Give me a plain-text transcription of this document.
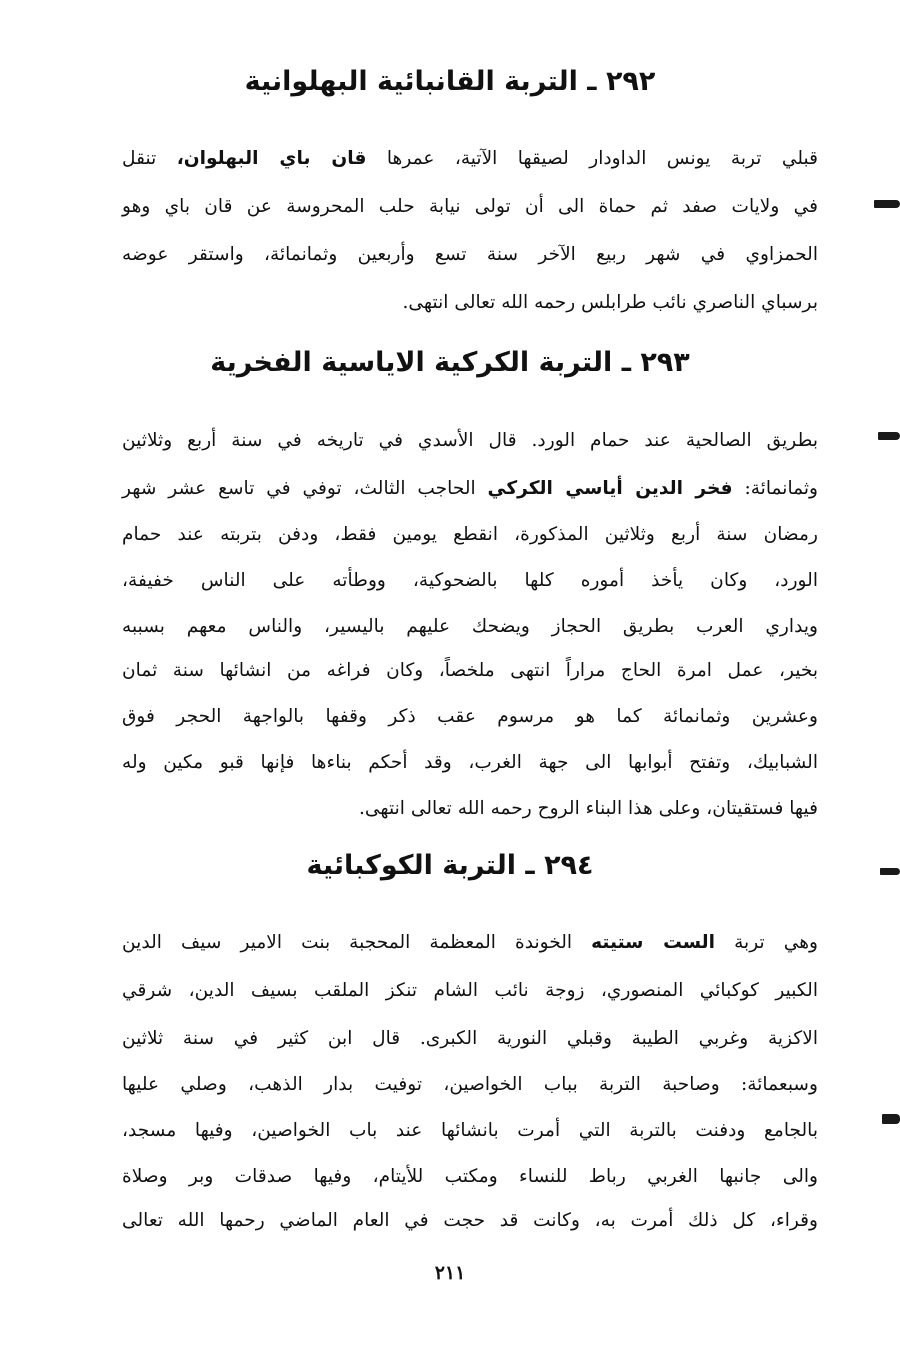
٢٩٢ ـ التربة القانبائية البهلوانية
قبلي تربة يونس الداودار لصيقها الآتية، عمرها قان باي البهلوان، تنقل
في ولايات صفد ثم حماة الى أن تولى نيابة حلب المحروسة عن قان باي وهو
الحمزاوي في شهر ربيع الآخر سنة تسع وأربعين وثمانمائة، واستقر عوضه
برسباي الناصري نائب طرابلس رحمه الله تعالى انتهى.
٢٩٣ ـ التربة الكركية الاياسية الفخرية
بطريق الصالحية عند حمام الورد. قال الأسدي في تاريخه في سنة أربع وثلاثين
وثمانمائة: فخر الدين أياسي الكركي الحاجب الثالث، توفي في تاسع عشر شهر
رمضان سنة أربع وثلاثين المذكورة، انقطع يومين فقط، ودفن بتربته عند حمام
الورد، وكان يأخذ أموره كلها بالضحوكية، ووطأته على الناس خفيفة،
ويداري العرب بطريق الحجاز ويضحك عليهم باليسير، والناس معهم بسببه
بخير، عمل امرة الحاج مراراً انتهى ملخصاً، وكان فراغه من انشائها سنة ثمان
وعشرين وثمانمائة كما هو مرسوم عقب ذكر وقفها بالواجهة الحجر فوق
الشبابيك، وتفتح أبوابها الى جهة الغرب، وقد أحكم بناءها فإنها قبو مكين وله
فيها فستقيتان، وعلى هذا البناء الروح رحمه الله تعالى انتهى.
٢٩٤ ـ التربة الكوكبائية
وهي تربة الست ستيته الخوندة المعظمة المحجبة بنت الامير سيف الدين
الكبير كوكبائي المنصوري، زوجة نائب الشام تنكز الملقب بسيف الدين، شرقي
الاكزية وغربي الطيبة وقبلي النورية الكبرى. قال ابن كثير في سنة ثلاثين
وسبعمائة: وصاحبة التربة بباب الخواصين، توفيت بدار الذهب، وصلي عليها
بالجامع ودفنت بالتربة التي أمرت بانشائها عند باب الخواصين، وفيها مسجد،
والى جانبها الغربي رباط للنساء ومكتب للأيتام، وفيها صدقات وبر وصلاة
وقراء، كل ذلك أمرت به، وكانت قد حجت في العام الماضي رحمها الله تعالى
٢١١
